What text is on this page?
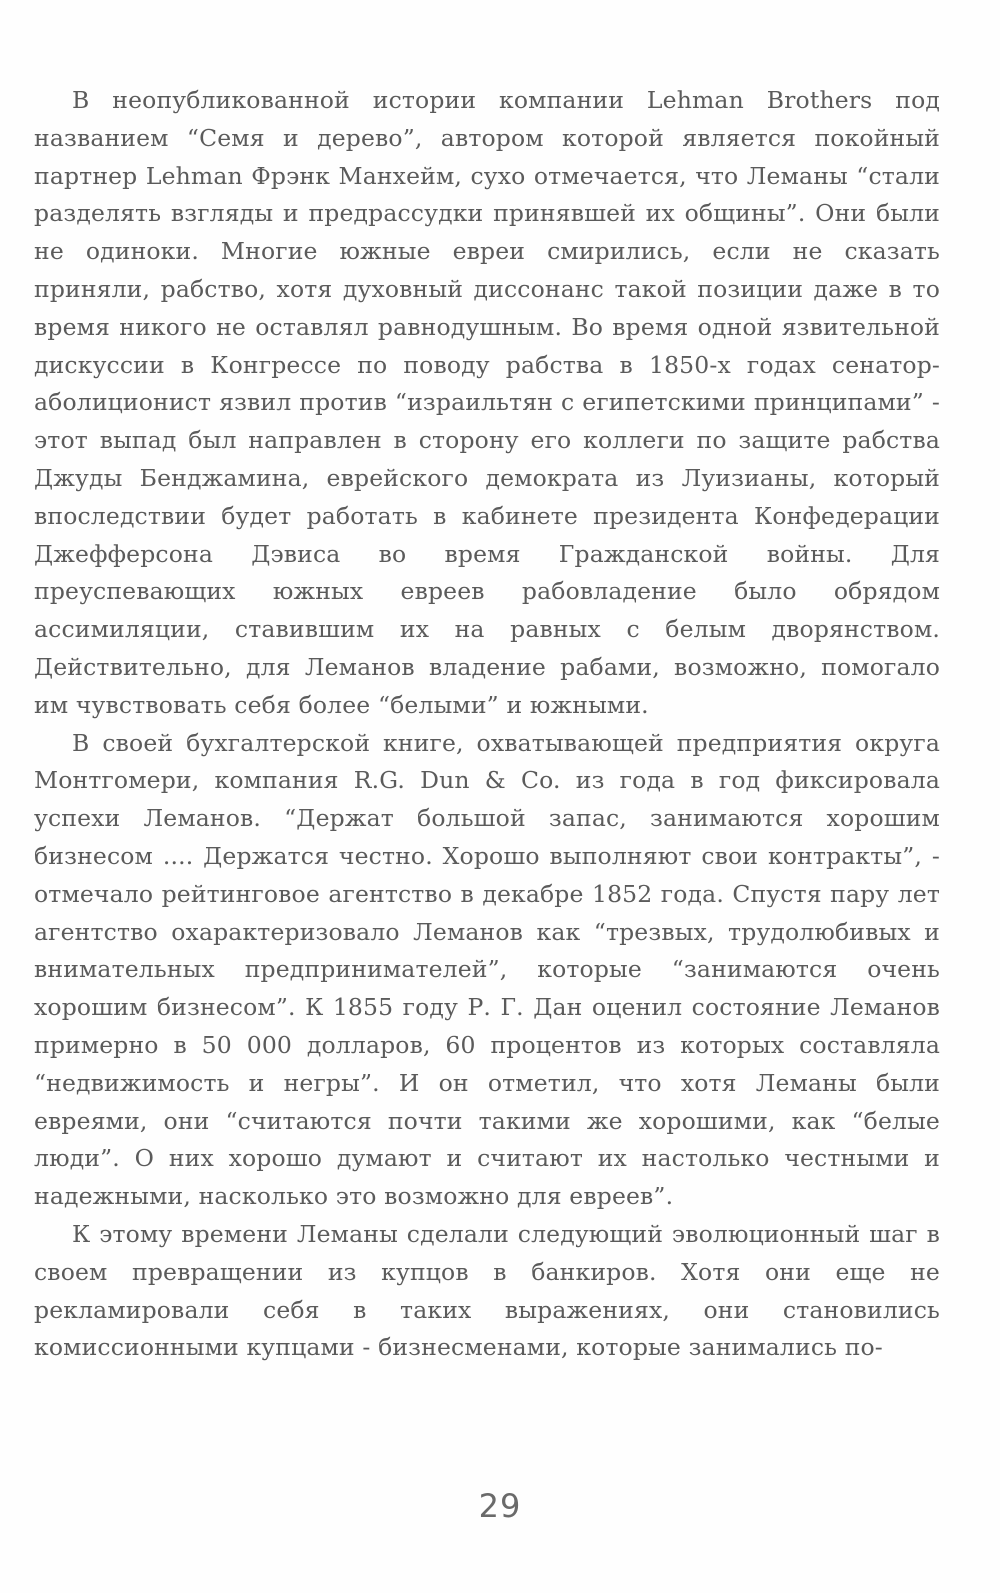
В неопубликованной истории компании Lehman Brothers под названием “Семя и дерево”, автором которой является покойный партнер Lehman Фрэнк Манхейм, сухо отмечается, что Леманы “стали разделять взгляды и предрассудки принявшей их общины”. Они были не одиноки. Многие южные евреи смирились, если не сказать приняли, рабство, хотя духовный диссонанс такой позиции даже в то время никого не оставлял равнодушным. Во время одной язвительной дискуссии в Конгрессе по поводу рабства в 1850-х годах сенатор-аболиционист язвил против “израильтян с египетскими принципами” - этот выпад был направлен в сторону его коллеги по защите рабства Джуды Бенджамина, еврейского демократа из Луизианы, который впоследствии будет работать в кабинете президента Конфедерации Джефферсона Дэвиса во время Гражданской войны. Для преуспевающих южных евреев рабовладение было обрядом ассимиляции, ставившим их на равных с белым дворянством. Действительно, для Леманов владение рабами, возможно, помогало им чувствовать себя более “белыми” и южными.

В своей бухгалтерской книге, охватывающей предприятия округа Монтгомери, компания R.G. Dun & Co. из года в год фиксировала успехи Леманов. “Держат большой запас, занимаются хорошим бизнесом .... Держатся честно. Хорошо выполняют свои контракты”, - отмечало рейтинговое агентство в декабре 1852 года. Спустя пару лет агентство охарактеризовало Леманов как “трезвых, трудолюбивых и внимательных предпринимателей”, которые “занимаются очень хорошим бизнесом”. К 1855 году Р. Г. Дан оценил состояние Леманов примерно в 50 000 долларов, 60 процентов из которых составляла “недвижимость и негры”. И он отметил, что хотя Леманы были евреями, они “считаются почти такими же хорошими, как “белые люди”. О них хорошо думают и считают их настолько честными и надежными, насколько это возможно для евреев”.

К этому времени Леманы сделали следующий эволюционный шаг в своем превращении из купцов в банкиров. Хотя они еще не рекламировали себя в таких выражениях, они становились комиссионными купцами - бизнесменами, которые занимались по-

29
